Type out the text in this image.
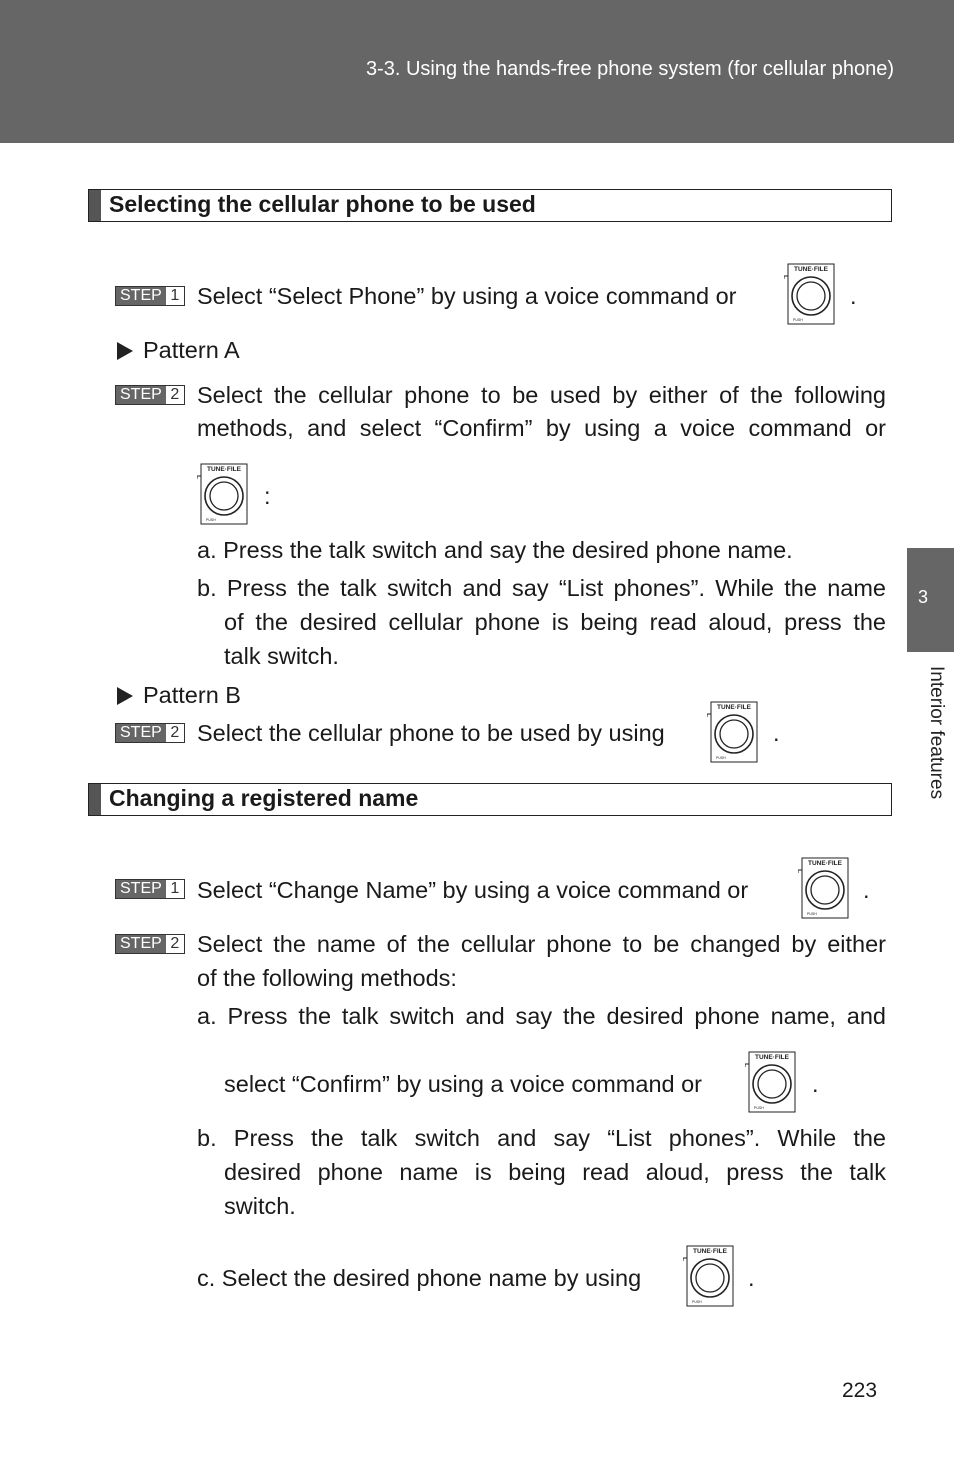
3-3. Using the hands-free phone system (for cellular phone)
3
Interior features
Selecting the cellular phone to be used
STEP 1 Select “Select Phone” by using a voice command or	.
Pattern A
STEP 2 Select the cellular phone to be used by either of the following
methods, and select “Confirm” by using a voice command or
:
a. Press the talk switch and say the desired phone name.
b. Press the talk switch and say “List phones”. While the name
of the desired cellular phone is being read aloud, press the
talk switch.
Pattern B
STEP 2 Select the cellular phone to be used by using	.
Changing a registered name
STEP 1 Select “Change Name” by using a voice command or	.
STEP 2 Select the name of the cellular phone to be changed by either
of the following methods:
a. Press the talk switch and say the desired phone name, and
select “Confirm” by using a voice command or	.
b. Press the talk switch and say “List phones”. While the
desired phone name is being read aloud, press the talk
switch.
c. Select the desired phone name by using	.
223
